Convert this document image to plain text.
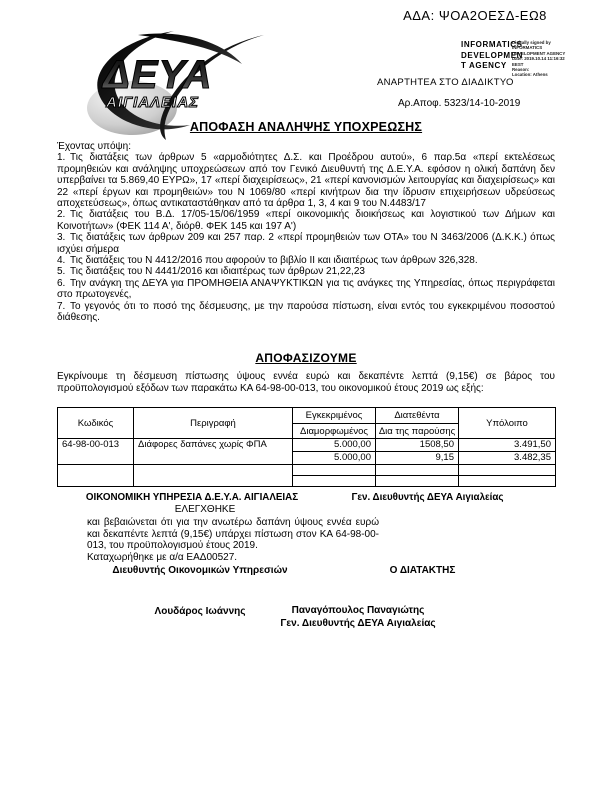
ΑΔΑ: ΨΟΑ2ΟΕΣΔ-ΕΩ8
ΔΕΥΑ
ΑΙΓΙΑΛΕΙΑΣ
INFORMATICS
DEVELOPMEN
T AGENCY
Digitally signed by
INFORMATICS
DEVELOPMENT AGENCY
Date: 2019.10.14 11:16:32
EEST
Reason:
Location: Athens
ΑΝΑΡΤΗΤΕΑ ΣΤΟ ΔΙΑΔΙΚΤΥΟ
Αρ.Αποφ. 5323/14-10-2019
ΑΠΟΦΑΣΗ ΑΝΑΛΗΨΗΣ ΥΠΟΧΡΕΩΣΗΣ
Έχοντας υπόψη:
1. Τις διατάξεις των άρθρων 5 «αρμοδιότητες Δ.Σ. και Προέδρου αυτού», 6 παρ.5α «περί εκτελέσεως προμηθειών και ανάληψης υποχρεώσεων από τον Γενικό Διευθυντή της Δ.Ε.Υ.Α. εφόσον η ολική δαπάνη δεν υπερβαίνει τα 5.869,40 ΕΥΡΩ», 17 «περί διαχειρίσεως», 21 «περί κανονισμών λειτουργίας και διαχειρίσεως» και 22 «περί έργων και προμηθειών» του Ν 1069/80 «περί κινήτρων δια την ίδρυσιν επιχειρήσεων υδρεύσεως αποχετεύσεως», όπως αντικαταστάθηκαν από τα άρθρα 1, 3, 4 και 9 του Ν.4483/17
2. Τις διατάξεις του Β.Δ. 17/05-15/06/1959 «περί οικονομικής διοικήσεως και λογιστικού των Δήμων και Κοινοτήτων» (ΦΕΚ 114 Α', διόρθ. ΦΕΚ 145 και 197 Α')
3. Τις διατάξεις των άρθρων 209 και 257 παρ. 2 «περί προμηθειών των ΟΤΑ» του Ν 3463/2006 (Δ.Κ.Κ.) όπως ισχύει σήμερα
4. Τις διατάξεις του Ν 4412/2016 που αφορούν το βιβλίο ΙΙ και ιδιαιτέρως των άρθρων 326,328.
5. Τις διατάξεις του Ν 4441/2016 και ιδιαιτέρως των άρθρων 21,22,23
6. Την ανάγκη της ΔΕΥΑ για ΠΡΟΜΗΘΕΙΑ ΑΝΑΨΥΚΤΙΚΩΝ για τις ανάγκες της Υπηρεσίας, όπως περιγράφεται στο πρωτογενές,
7. Το γεγονός ότι το ποσό της δέσμευσης, με την παρούσα πίστωση, είναι εντός του εγκεκριμένου ποσοστού διάθεσης.
ΑΠΟΦΑΣΙΖΟΥΜΕ
Εγκρίνουμε τη δέσμευση πίστωσης ύψους εννέα ευρώ και δεκαπέντε λεπτά (9,15€) σε βάρος του προϋπολογισμού εξόδων των παρακάτω ΚΑ 64-98-00-013, του οικονομικού έτους 2019 ως εξής:
Κωδικός	Περιγραφή	Εγκεκριμένος	Διατεθέντα	Υπόλοιπο
		Διαμορφωμένος	Δια της παρούσης	
64-98-00-013	Διάφορες δαπάνες χωρίς ΦΠΑ	5.000,00	1508,50	3.491,50
		5.000,00	9,15	3.482,35

ΟΙΚΟΝΟΜΙΚΗ ΥΠΗΡΕΣΙΑ Δ.Ε.Υ.Α. ΑΙΓΙΑΛΕΙΑΣ
ΕΛΕΓΧΘΗΚΕ
και βεβαιώνεται ότι για την ανωτέρω δαπάνη ύψους εννέα ευρώ και δεκαπέντε λεπτά (9,15€) υπάρχει πίστωση στον ΚΑ 64-98-00-013, του προϋπολογισμού έτους 2019.
Καταχωρήθηκε με α/α ΕΑΔ00527.
Διευθυντής Οικονομικών Υπηρεσιών
Λουδάρος Ιωάννης
Γεν. Διευθυντής ΔΕΥΑ Αιγιαλείας
Ο ΔΙΑΤΑΚΤΗΣ
Παναγόπουλος Παναγιώτης
Γεν. Διευθυντής ΔΕΥΑ Αιγιαλείας
